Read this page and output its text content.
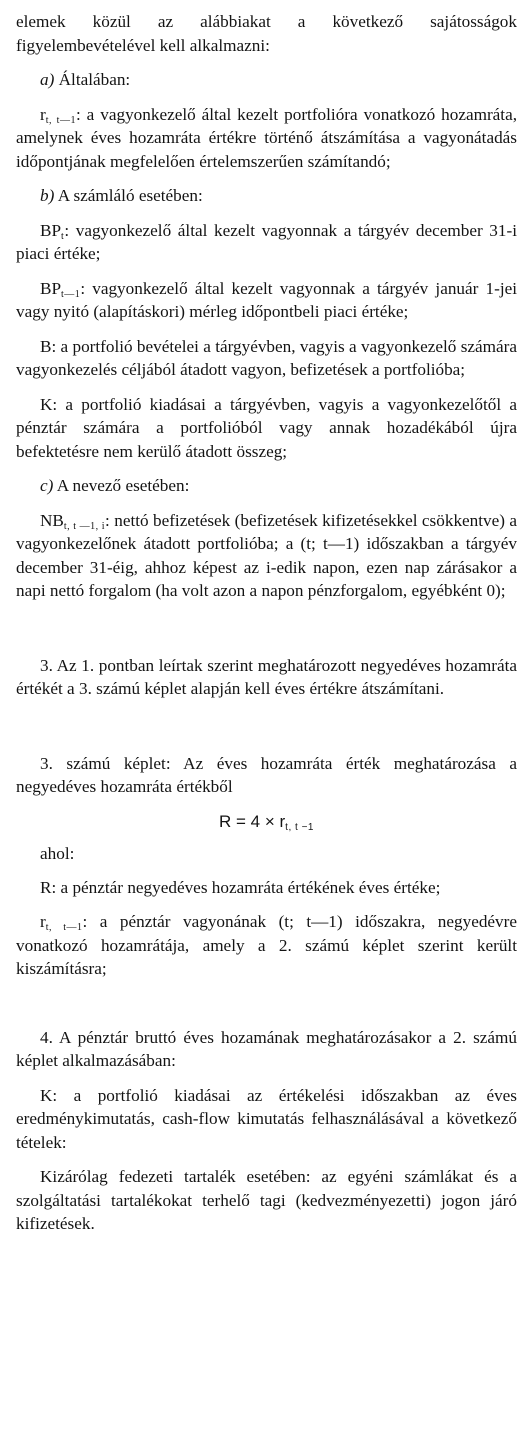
elemek közül az alábbiakat a következő sajátosságok figyelembevételével kell alkalmazni:

a) Általában:

$r_{t, t—1}$: a vagyonkezelő által kezelt portfolióra vonatkozó hozamráta, amelynek éves hozamráta értékre történő átszámítása a vagyonátadás időpontjának megfelelően értelemszerűen számítandó;

b) A számláló esetében:

$BP_t$: vagyonkezelő által kezelt vagyonnak a tárgyév december 31-i piaci értéke;

$BP_{t—1}$: vagyonkezelő által kezelt vagyonnak a tárgyév január 1-jei vagy nyitó (alapításkori) mérleg időpontbeli piaci értéke;

B: a portfolió bevételei a tárgyévben, vagyis a vagyonkezelő számára vagyonkezelés céljából átadott vagyon, befizetések a portfolióba;

K: a portfolió kiadásai a tárgyévben, vagyis a vagyonkezelőtől a pénztár számára a portfolióból vagy annak hozadékából újra befektetésre nem kerülő átadott összeg;

c) A nevező esetében:

$NB_{t, t —1, i}$: nettó befizetések (befizetések kifizetésekkel csökkentve) a vagyonkezelőnek átadott portfolióba; a (t; t—1) időszakban a tárgyév december 31-éig, ahhoz képest az i-edik napon, ezen nap zárásakor a napi nettó forgalom (ha volt azon a napon pénzforgalom, egyébként 0);

3. Az 1. pontban leírtak szerint meghatározott negyedéves hozamráta értékét a 3. számú képlet alapján kell éves értékre átszámítani.

3. számú képlet: Az éves hozamráta érték meghatározása a negyedéves hozamráta értékből

$R = 4 \times r_{t, t -1}$

ahol:

R: a pénztár negyedéves hozamráta értékének éves értéke;

$r_{t, t—1}$: a pénztár vagyonának (t; t—1) időszakra, negyedévre vonatkozó hozamrátája, amely a 2. számú képlet szerint került kiszámításra;

4. A pénztár bruttó éves hozamának meghatározásakor a 2. számú képlet alkalmazásában:

K: a portfolió kiadásai az értékelési időszakban az éves eredménykimutatás, cash-flow kimutatás felhasználásával a következő tételek:

Kizárólag fedezeti tartalék esetében: az egyéni számlákat és a szolgáltatási tartalékokat terhelő tagi (kedvezményezetti) jogon járó kifizetések.
